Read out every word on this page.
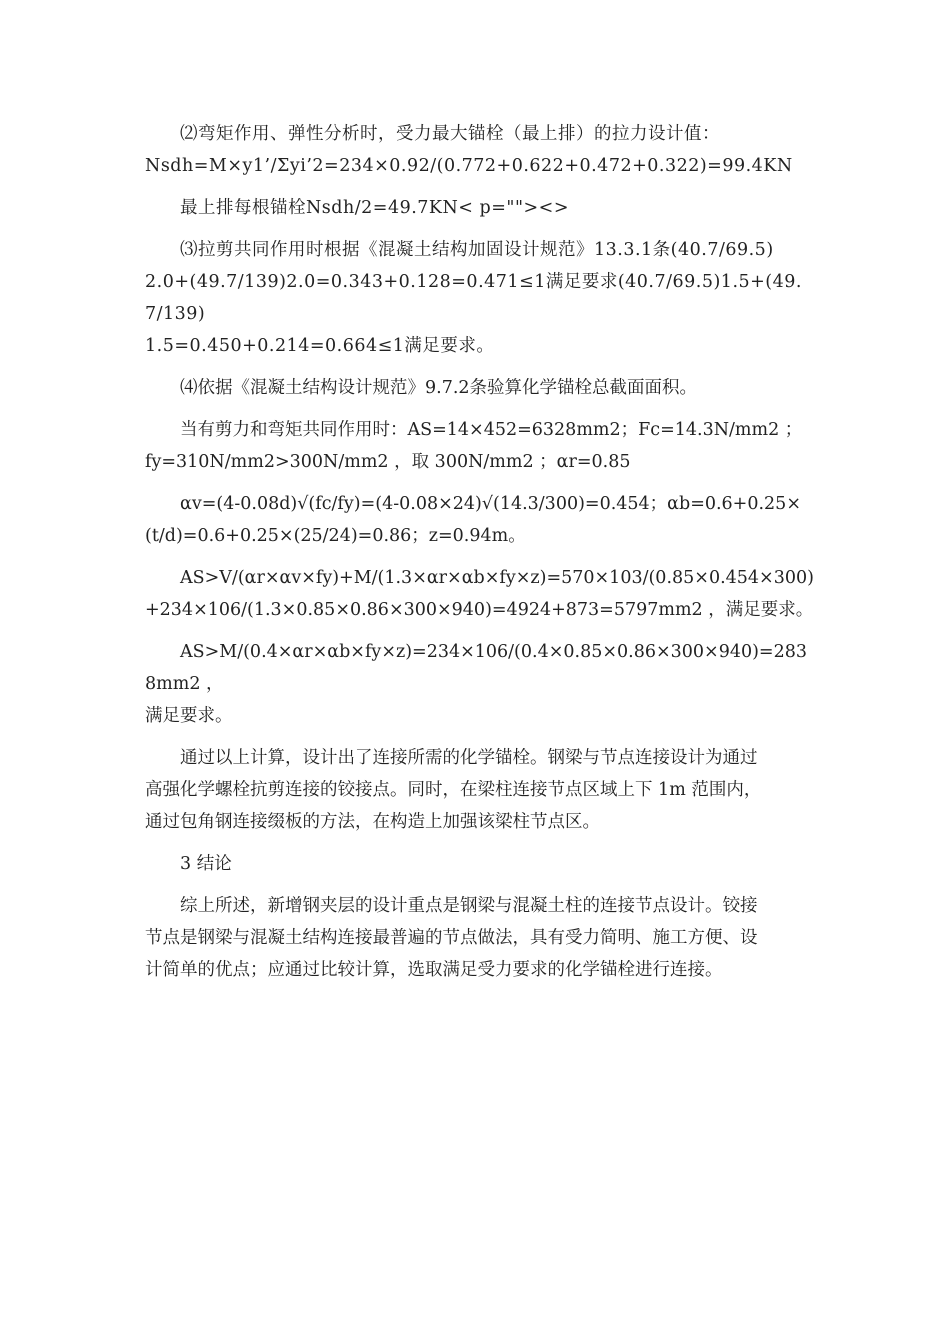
⑵弯矩作用、弹性分析时，受力最大锚栓（最上排）的拉力设计值：
Nsdh=M×y1’/Σyi’2=234×0.92/(0.772+0.622+0.472+0.322)=99.4KN

最上排每根锚栓Nsdh/2=49.7KN< p=""><>

⑶拉剪共同作用时根据《混凝土结构加固设计规范》13.3.1条(40.7/69.5)
2.0+(49.7/139)2.0=0.343+0.128=0.471≤1满足要求(40.7/69.5)1.5+(49.7/139)
1.5=0.450+0.214=0.664≤1满足要求。

⑷依据《混凝土结构设计规范》9.7.2条验算化学锚栓总截面面积。

当有剪力和弯矩共同作用时：AS=14×452=6328mm2；Fc=14.3N/mm2 ；
fy=310N/mm2>300N/mm2 ，取 300N/mm2 ；αr=0.85

αv=(4-0.08d)√(fc/fy)=(4-0.08×24)√(14.3/300)=0.454；αb=0.6+0.25×
(t/d)=0.6+0.25×(25/24)=0.86；z=0.94m。

AS>V/(αr×αv×fy)+M/(1.3×αr×αb×fy×z)=570×103/(0.85×0.454×300)
+234×106/(1.3×0.85×0.86×300×940)=4924+873=5797mm2 ，满足要求。

AS>M/(0.4×αr×αb×fy×z)=234×106/(0.4×0.85×0.86×300×940)=2838mm2 ，
满足要求。

通过以上计算，设计出了连接所需的化学锚栓。钢梁与节点连接设计为通过
高强化学螺栓抗剪连接的铰接点。同时，在梁柱连接节点区域上下 1m 范围内，
通过包角钢连接缀板的方法，在构造上加强该梁柱节点区。

3 结论

综上所述，新增钢夹层的设计重点是钢梁与混凝土柱的连接节点设计。铰接
节点是钢梁与混凝土结构连接最普遍的节点做法，具有受力简明、施工方便、设
计简单的优点；应通过比较计算，选取满足受力要求的化学锚栓进行连接。
